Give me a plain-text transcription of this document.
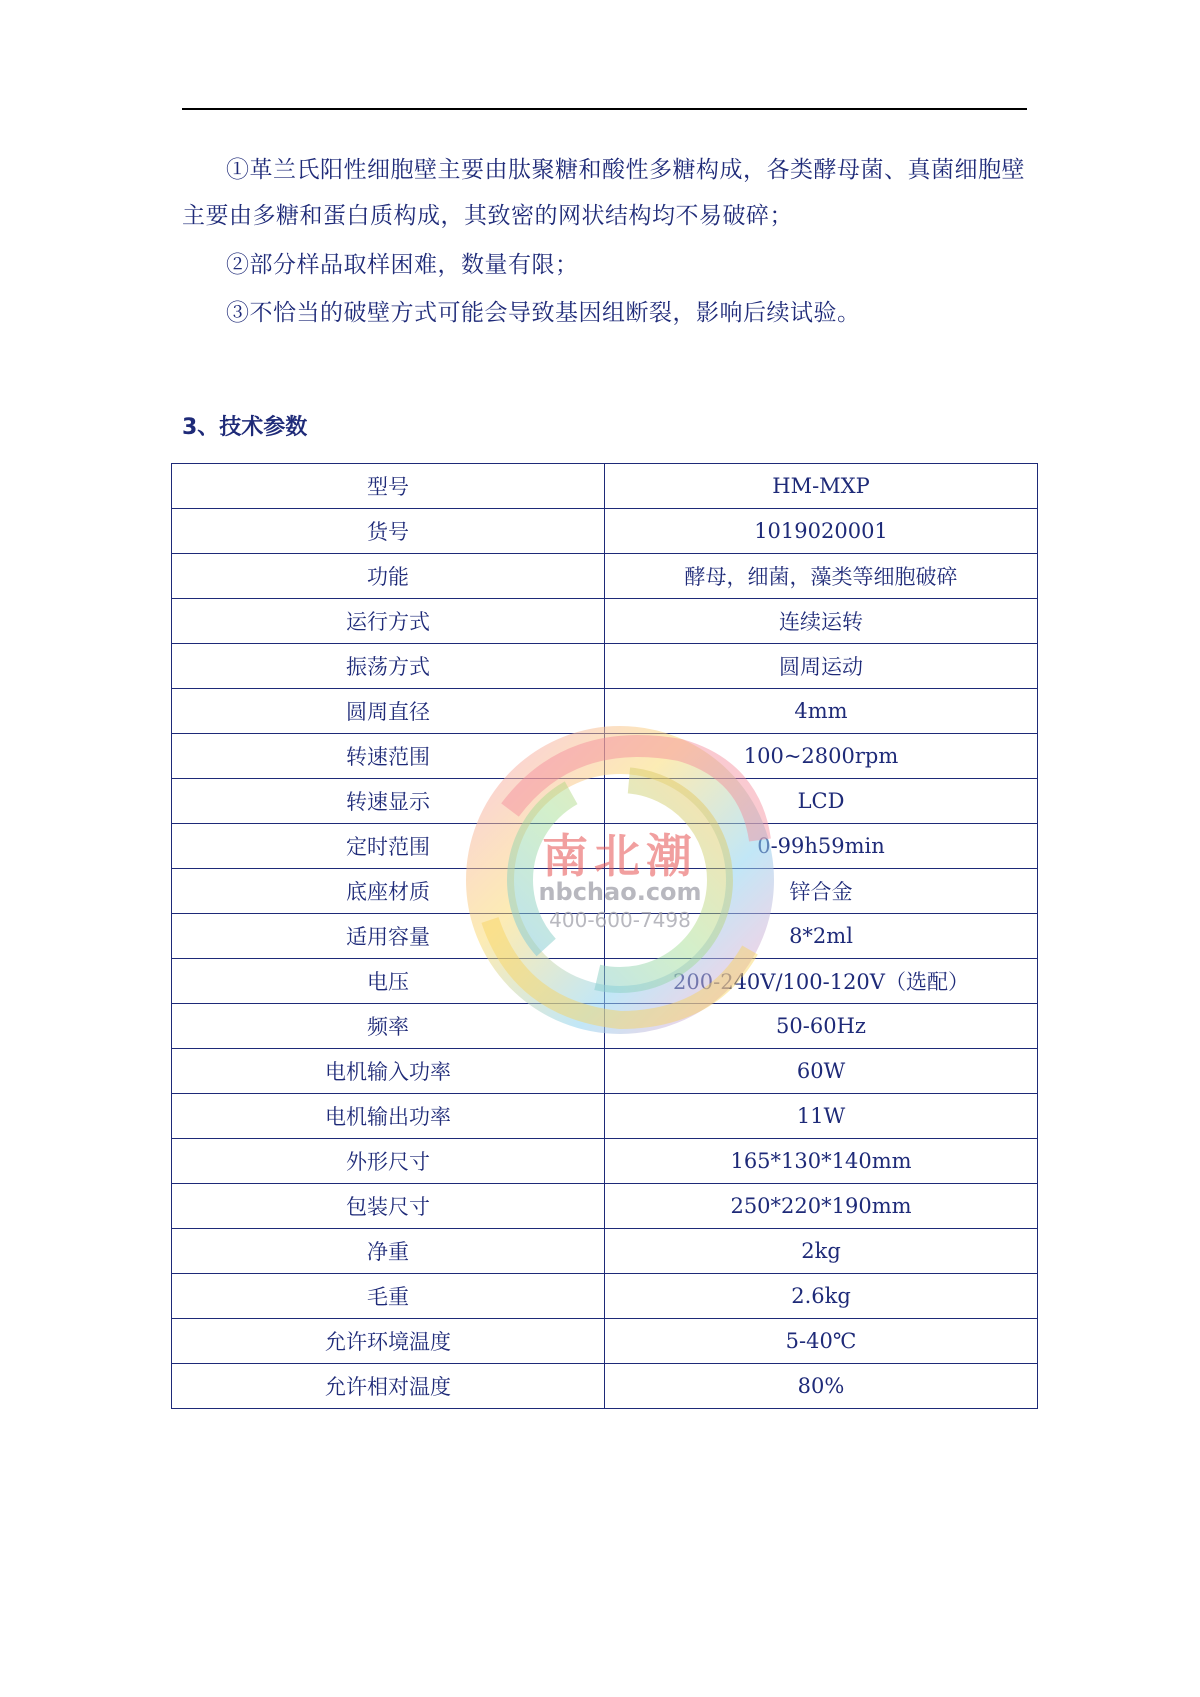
①革兰氏阳性细胞壁主要由肽聚糖和酸性多糖构成，各类酵母菌、真菌细胞壁主要由多糖和蛋白质构成，其致密的网状结构均不易破碎；

②部分样品取样困难，数量有限；

③不恰当的破壁方式可能会导致基因组断裂，影响后续试验。

3、技术参数
型号	HM-MXP
货号	1019020001
功能	酵母，细菌，藻类等细胞破碎
运行方式	连续运转
振荡方式	圆周运动
圆周直径	4mm
转速范围	100~2800rpm
转速显示	LCD
定时范围	0-99h59min
底座材质	锌合金
适用容量	8*2ml
电压	200-240V/100-120V（选配）
频率	50-60Hz
电机输入功率	60W
电机输出功率	11W
外形尺寸	165*130*140mm
包装尺寸	250*220*190mm
净重	2kg
毛重	2.6kg
允许环境温度	5-40℃
允许相对温度	80%
南北潮
nbchao.com
400-600-7498
